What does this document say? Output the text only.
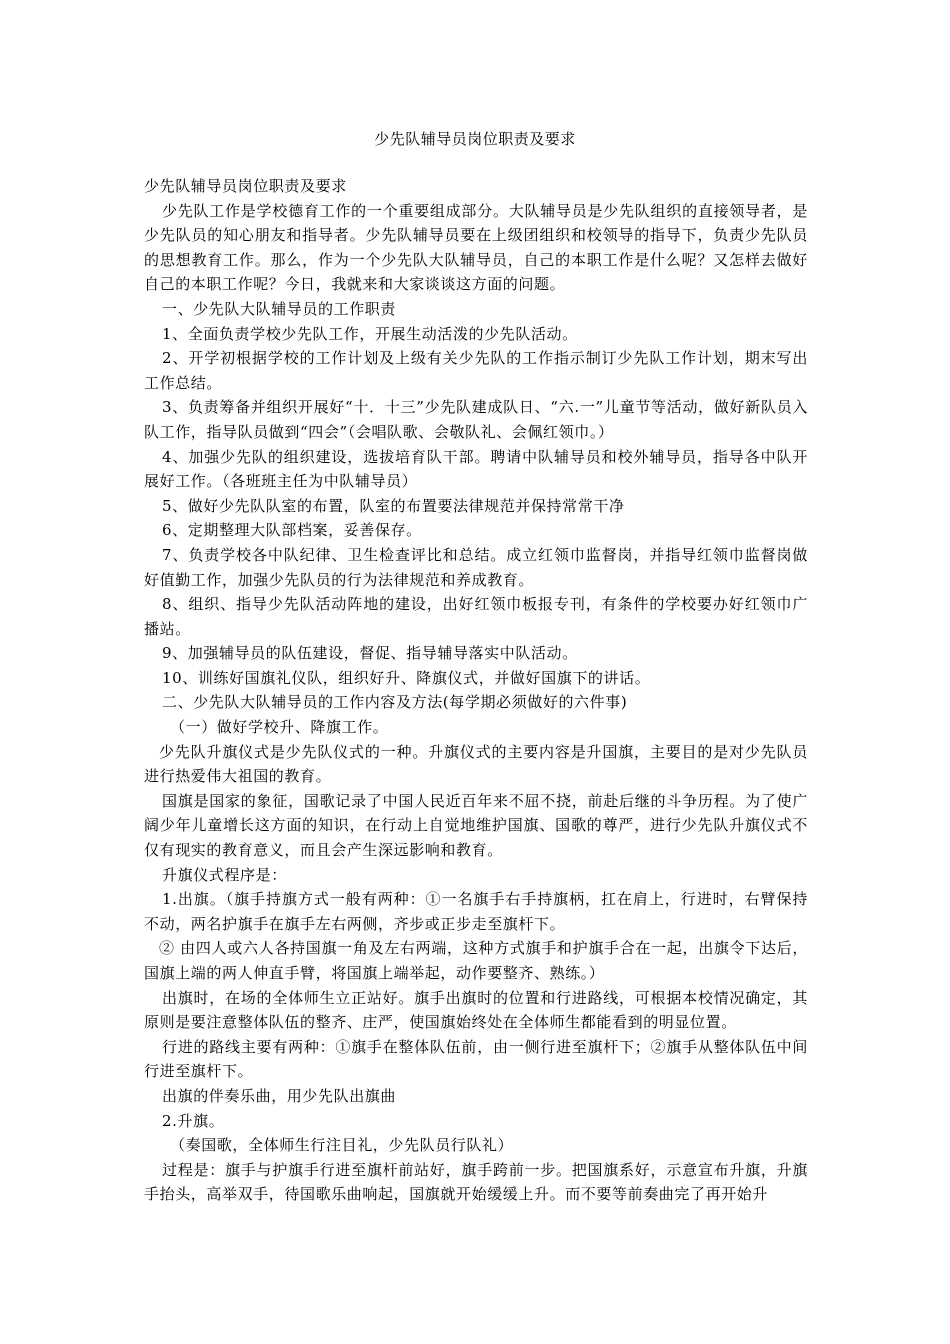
少先队辅导员岗位职责及要求

少先队辅导员岗位职责及要求

少先队工作是学校德育工作的一个重要组成部分。大队辅导员是少先队组织的直接领导者，是少先队员的知心朋友和指导者。少先队辅导员要在上级团组织和校领导的指导下，负责少先队员的思想教育工作。那么，作为一个少先队大队辅导员，自己的本职工作是什么呢？又怎样去做好自己的本职工作呢？今日，我就来和大家谈谈这方面的问题。

一、少先队大队辅导员的工作职责

1、全面负责学校少先队工作，开展生动活泼的少先队活动。

2、开学初根据学校的工作计划及上级有关少先队的工作指示制订少先队工作计划，期末写出工作总结。

3、负责筹备并组织开展好“十．十三”少先队建成队日、“六.一”儿童节等活动，做好新队员入队工作，指导队员做到“四会”（会唱队歌、会敬队礼、会佩红领巾。）

4、加强少先队的组织建设，选拔培育队干部。聘请中队辅导员和校外辅导员，指导各中队开展好工作。（各班班主任为中队辅导员）

5、做好少先队队室的布置，队室的布置要法律规范并保持常常干净

6、定期整理大队部档案，妥善保存。

7、负责学校各中队纪律、卫生检查评比和总结。成立红领巾监督岗，并指导红领巾监督岗做好值勤工作，加强少先队员的行为法律规范和养成教育。

8、组织、指导少先队活动阵地的建设，出好红领巾板报专刊，有条件的学校要办好红领巾广播站。

9、加强辅导员的队伍建设，督促、指导辅导落实中队活动。

10、训练好国旗礼仪队，组织好升、降旗仪式，并做好国旗下的讲话。

二、少先队大队辅导员的工作内容及方法(每学期必须做好的六件事)

（一）做好学校升、降旗工作。

少先队升旗仪式是少先队仪式的一种。升旗仪式的主要内容是升国旗，主要目的是对少先队员进行热爱伟大祖国的教育。

国旗是国家的象征，国歌记录了中国人民近百年来不屈不挠，前赴后继的斗争历程。为了使广阔少年儿童增长这方面的知识，在行动上自觉地维护国旗、国歌的尊严，进行少先队升旗仪式不仅有现实的教育意义，而且会产生深远影响和教育。

升旗仪式程序是：

1.出旗。（旗手持旗方式一般有两种：①一名旗手右手持旗柄，扛在肩上，行进时，右臂保持不动，两名护旗手在旗手左右两侧，齐步或正步走至旗杆下。

② 由四人或六人各持国旗一角及左右两端，这种方式旗手和护旗手合在一起，出旗令下达后，国旗上端的两人伸直手臂，将国旗上端举起，动作要整齐、熟练。）

出旗时，在场的全体师生立正站好。旗手出旗时的位置和行进路线，可根据本校情况确定，其原则是要注意整体队伍的整齐、庄严，使国旗始终处在全体师生都能看到的明显位置。

行进的路线主要有两种：①旗手在整体队伍前，由一侧行进至旗杆下；②旗手从整体队伍中间行进至旗杆下。

出旗的伴奏乐曲，用少先队出旗曲

2.升旗。

（奏国歌，全体师生行注目礼，少先队员行队礼）

过程是：旗手与护旗手行进至旗杆前站好，旗手跨前一步。把国旗系好，示意宣布升旗，升旗手抬头，高举双手，待国歌乐曲响起，国旗就开始缓缓上升。而不要等前奏曲完了再开始升
